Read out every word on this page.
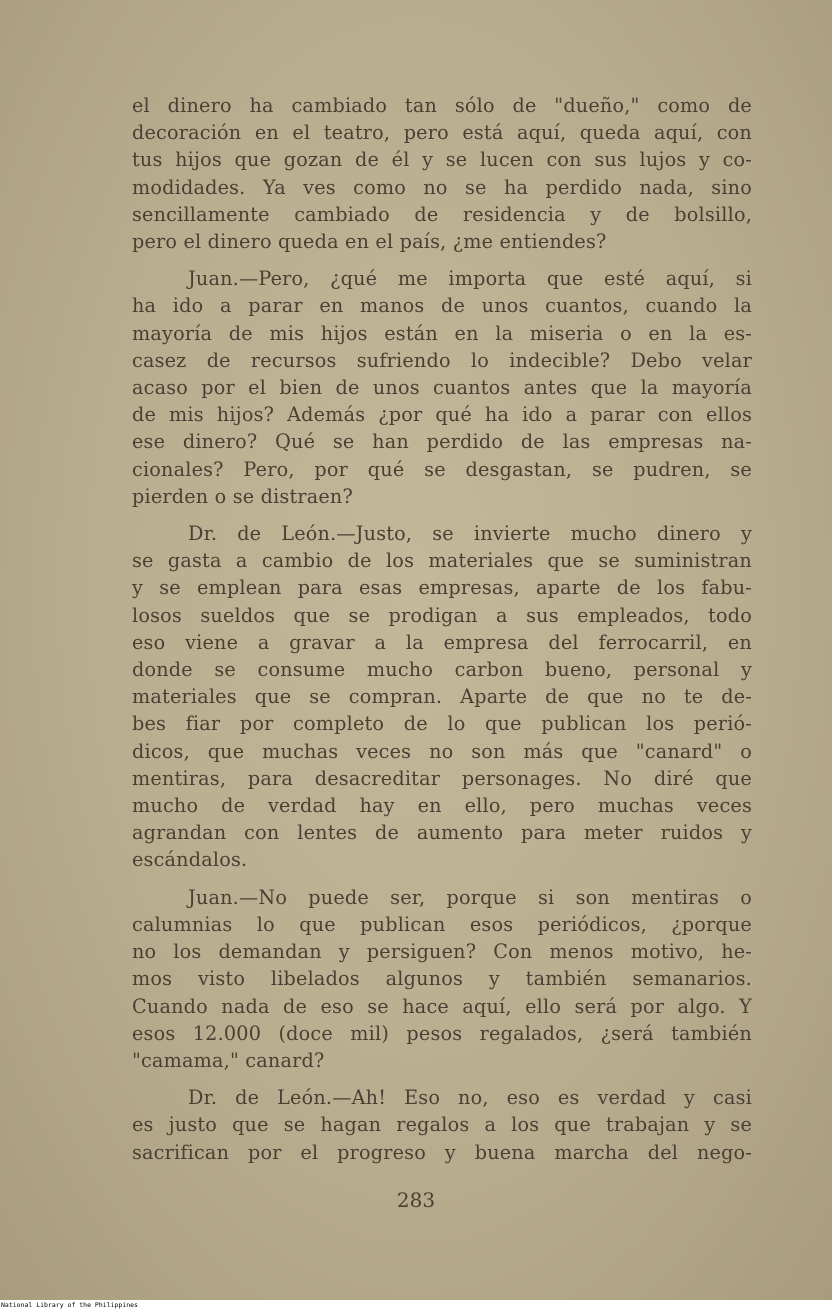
el dinero ha cambiado tan sólo de "dueño," como de
decoración en el teatro, pero está aquí, queda aquí, con
tus hijos que gozan de él y se lucen con sus lujos y co-
modidades. Ya ves como no se ha perdido nada, sino
sencillamente cambiado de residencia y de bolsillo,
pero el dinero queda en el país, ¿me entiendes?
Juan.—Pero, ¿qué me importa que esté aquí, si
ha ido a parar en manos de unos cuantos, cuando la
mayoría de mis hijos están en la miseria o en la es-
casez de recursos sufriendo lo indecible? Debo velar
acaso por el bien de unos cuantos antes que la mayoría
de mis hijos? Además ¿por qué ha ido a parar con ellos
ese dinero? Qué se han perdido de las empresas na-
cionales? Pero, por qué se desgastan, se pudren, se
pierden o se distraen?
Dr. de León.—Justo, se invierte mucho dinero y
se gasta a cambio de los materiales que se suministran
y se emplean para esas empresas, aparte de los fabu-
losos sueldos que se prodigan a sus empleados, todo
eso viene a gravar a la empresa del ferrocarril, en
donde se consume mucho carbon bueno, personal y
materiales que se compran. Aparte de que no te de-
bes fiar por completo de lo que publican los perió-
dicos, que muchas veces no son más que "canard" o
mentiras, para desacreditar personages. No diré que
mucho de verdad hay en ello, pero muchas veces
agrandan con lentes de aumento para meter ruidos y
escándalos.
Juan.—No puede ser, porque si son mentiras o
calumnias lo que publican esos periódicos, ¿porque
no los demandan y persiguen? Con menos motivo, he-
mos visto libelados algunos y también semanarios.
Cuando nada de eso se hace aquí, ello será por algo. Y
esos 12.000 (doce mil) pesos regalados, ¿será también
"camama," canard?
Dr. de León.—Ah! Eso no, eso es verdad y casi
es justo que se hagan regalos a los que trabajan y se
sacrifican por el progreso y buena marcha del nego-
283
National Library of the Philippines
